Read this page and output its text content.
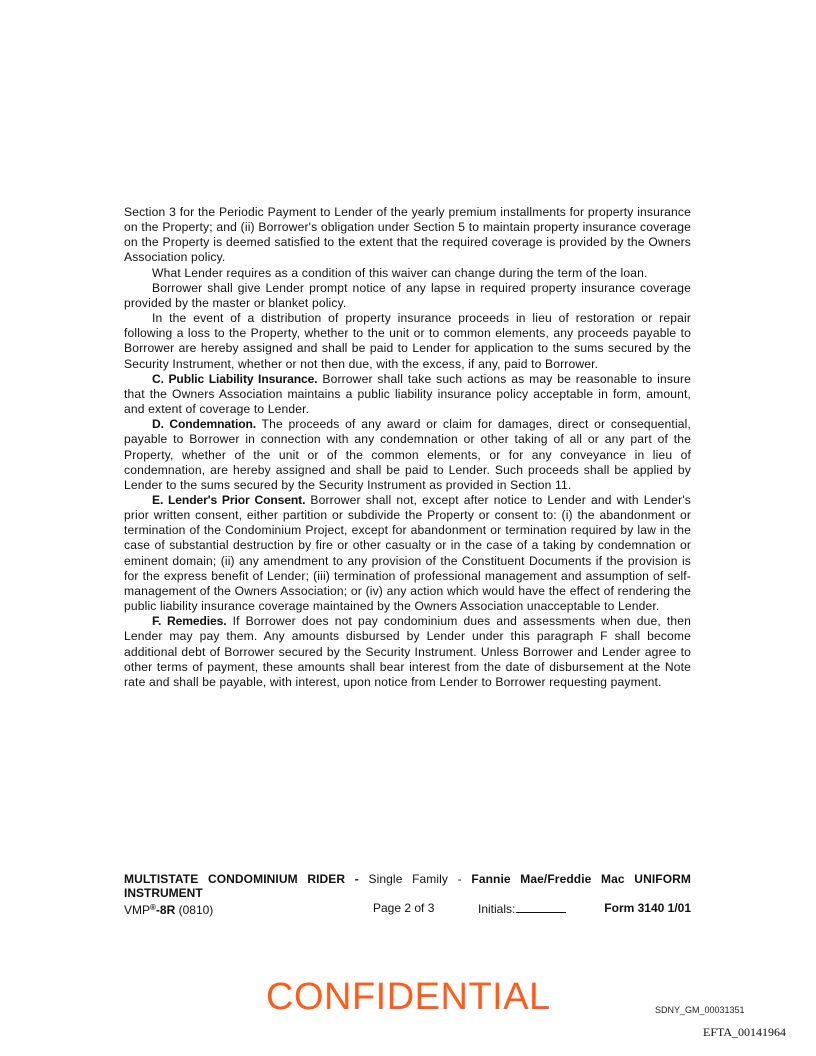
Section 3 for the Periodic Payment to Lender of the yearly premium installments for property insurance on the Property; and (ii) Borrower's obligation under Section 5 to maintain property insurance coverage on the Property is deemed satisfied to the extent that the required coverage is provided by the Owners Association policy.

What Lender requires as a condition of this waiver can change during the term of the loan.

Borrower shall give Lender prompt notice of any lapse in required property insurance coverage provided by the master or blanket policy.

In the event of a distribution of property insurance proceeds in lieu of restoration or repair following a loss to the Property, whether to the unit or to common elements, any proceeds payable to Borrower are hereby assigned and shall be paid to Lender for application to the sums secured by the Security Instrument, whether or not then due, with the excess, if any, paid to Borrower.

C. Public Liability Insurance. Borrower shall take such actions as may be reasonable to insure that the Owners Association maintains a public liability insurance policy acceptable in form, amount, and extent of coverage to Lender.

D. Condemnation. The proceeds of any award or claim for damages, direct or consequential, payable to Borrower in connection with any condemnation or other taking of all or any part of the Property, whether of the unit or of the common elements, or for any conveyance in lieu of condemnation, are hereby assigned and shall be paid to Lender. Such proceeds shall be applied by Lender to the sums secured by the Security Instrument as provided in Section 11.

E. Lender's Prior Consent. Borrower shall not, except after notice to Lender and with Lender's prior written consent, either partition or subdivide the Property or consent to: (i) the abandonment or termination of the Condominium Project, except for abandonment or termination required by law in the case of substantial destruction by fire or other casualty or in the case of a taking by condemnation or eminent domain; (ii) any amendment to any provision of the Constituent Documents if the provision is for the express benefit of Lender; (iii) termination of professional management and assumption of self-management of the Owners Association; or (iv) any action which would have the effect of rendering the public liability insurance coverage maintained by the Owners Association unacceptable to Lender.

F. Remedies. If Borrower does not pay condominium dues and assessments when due, then Lender may pay them. Any amounts disbursed by Lender under this paragraph F shall become additional debt of Borrower secured by the Security Instrument. Unless Borrower and Lender agree to other terms of payment, these amounts shall bear interest from the date of disbursement at the Note rate and shall be payable, with interest, upon notice from Lender to Borrower requesting payment.

MULTISTATE CONDOMINIUM RIDER - Single Family - Fannie Mae/Freddie Mac UNIFORM
INSTRUMENT
VMP®-8R (0810)	Page 2 of 3	Initials:	Form 3140 1/01
CONFIDENTIAL	SDNY_GM_00031351
EFTA_00141964
